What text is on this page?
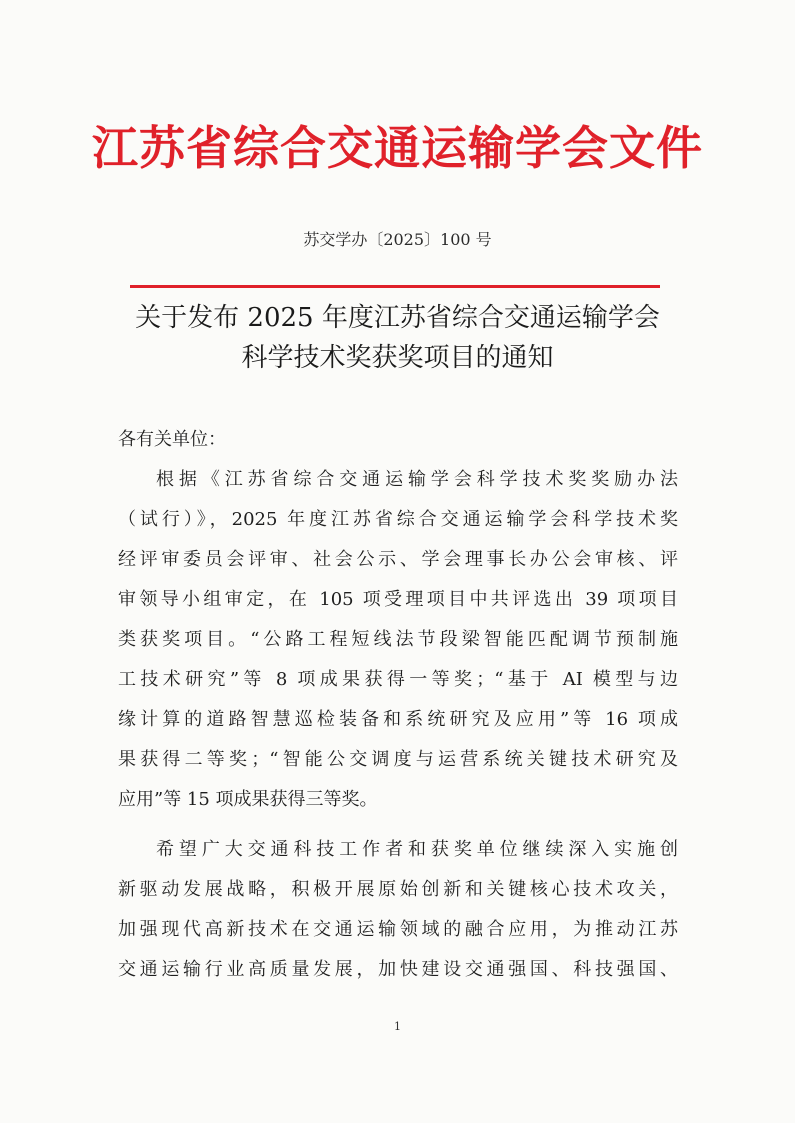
江苏省综合交通运输学会文件
苏交学办〔2025〕100 号
关于发布 2025 年度江苏省综合交通运输学会
科学技术奖获奖项目的通知

各有关单位：

根据《江苏省综合交通运输学会科学技术奖奖励办法
（试行）》，2025 年度江苏省综合交通运输学会科学技术奖
经评审委员会评审、社会公示、学会理事长办公会审核、评
审领导小组审定，在 105 项受理项目中共评选出 39 项项目
类获奖项目。“公路工程短线法节段梁智能匹配调节预制施
工技术研究”等 8 项成果获得一等奖；“基于 AI 模型与边
缘计算的道路智慧巡检装备和系统研究及应用”等 16 项成
果获得二等奖；“智能公交调度与运营系统关键技术研究及
应用”等 15 项成果获得三等奖。

希望广大交通科技工作者和获奖单位继续深入实施创
新驱动发展战略，积极开展原始创新和关键核心技术攻关，
加强现代高新技术在交通运输领域的融合应用，为推动江苏
交通运输行业高质量发展，加快建设交通强国、科技强国、

1
